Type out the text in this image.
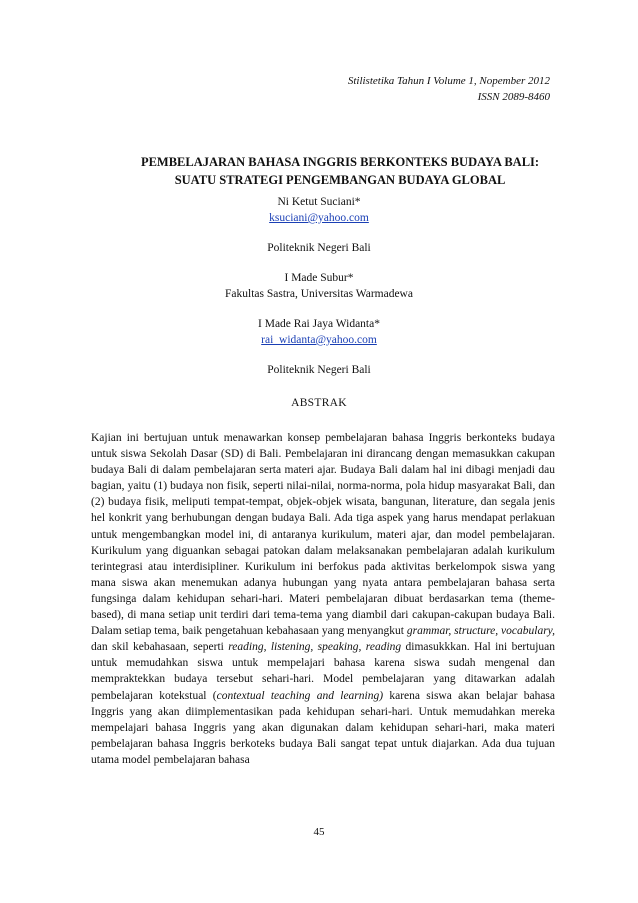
Stilistetika Tahun I Volume 1, Nopember 2012
ISSN 2089-8460
PEMBELAJARAN BAHASA INGGRIS BERKONTEKS BUDAYA BALI:
SUATU STRATEGI PENGEMBANGAN BUDAYA GLOBAL
Ni Ketut Suciani*
ksuciani@yahoo.com
Politeknik Negeri Bali
I Made Subur*
Fakultas Sastra, Universitas Warmadewa
I Made Rai Jaya Widanta*
rai_widanta@yahoo.com
Politeknik Negeri Bali
ABSTRAK

Kajian ini bertujuan untuk menawarkan konsep pembelajaran bahasa Inggris berkonteks budaya untuk siswa Sekolah Dasar (SD) di Bali. Pembelajaran ini dirancang dengan memasukkan cakupan budaya Bali di dalam pembelajaran serta materi ajar. Budaya Bali dalam hal ini dibagi menjadi dau bagian, yaitu (1) budaya non fisik, seperti nilai-nilai, norma-norma, pola hidup masyarakat Bali, dan (2) budaya fisik, meliputi tempat-tempat, objek-objek wisata, bangunan, literature, dan segala jenis hel konkrit yang berhubungan dengan budaya Bali. Ada tiga aspek yang harus mendapat perlakuan untuk mengembangkan model ini, di antaranya kurikulum, materi ajar, dan model pembelajaran. Kurikulum yang diguankan sebagai patokan dalam melaksanakan pembelajaran adalah kurikulum terintegrasi atau interdisipliner. Kurikulum ini berfokus pada aktivitas berkelompok siswa yang mana siswa akan menemukan adanya hubungan yang nyata antara pembelajaran bahasa serta fungsinga dalam kehidupan sehari-hari. Materi pembelajaran dibuat berdasarkan tema (theme-based), di mana setiap unit terdiri dari tema-tema yang diambil dari cakupan-cakupan budaya Bali. Dalam setiap tema, baik pengetahuan kebahasaan yang menyangkut grammar, structure, vocabulary, dan skil kebahasaan, seperti reading, listening, speaking, reading dimasukkkan. Hal ini bertujuan untuk memudahkan siswa untuk mempelajari bahasa karena siswa sudah mengenal dan mempraktekkan budaya tersebut sehari-hari. Model pembelajaran yang ditawarkan adalah pembelajaran kotekstual (contextual teaching and learning) karena siswa akan belajar bahasa Inggris yang akan diimplementasikan pada kehidupan sehari-hari. Untuk memudahkan mereka mempelajari bahasa Inggris yang akan digunakan dalam kehidupan sehari-hari, maka materi pembelajaran bahasa Inggris berkoteks budaya Bali sangat tepat untuk diajarkan. Ada dua tujuan utama model pembelajaran bahasa

45
